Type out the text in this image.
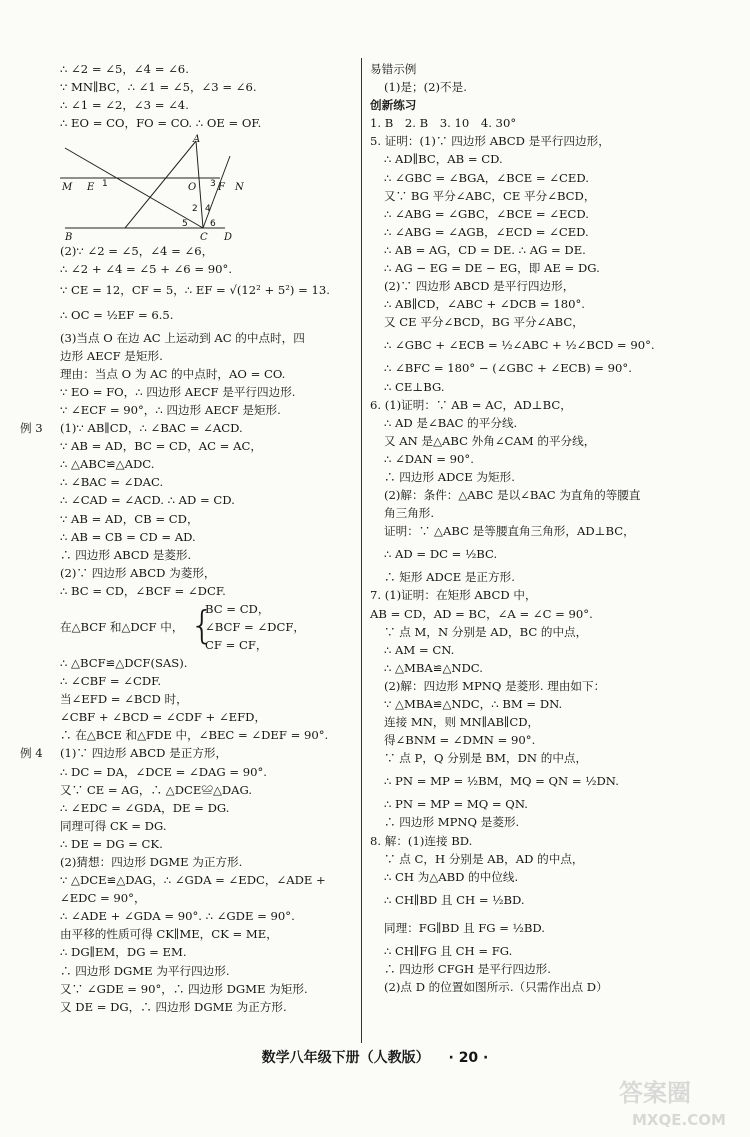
∴ ∠2 = ∠5，∠4 = ∠6.
∵ MN∥BC，∴ ∠1 = ∠5，∠3 = ∠6.
∴ ∠1 = ∠2，∠3 = ∠4.
∴ EO = CO，FO = CO. ∴ OE = OF.
A
M E	O F N
B	C D
1
2
3
4
5 6
(2)∵ ∠2 = ∠5，∠4 = ∠6，
∴ ∠2 + ∠4 = ∠5 + ∠6 = 90°.
∵ CE = 12，CF = 5，∴ EF = √(12² + 5²) = 13.
∴ OC = ½EF = 6.5.
(3)当点 O 在边 AC 上运动到 AC 的中点时，四
边形 AECF 是矩形.
理由：当点 O 为 AC 的中点时，AO = CO.
∵ EO = FO，∴ 四边形 AECF 是平行四边形.
∵ ∠ECF = 90°，∴ 四边形 AECF 是矩形.
例 3 (1)∵ AB∥CD，∴ ∠BAC = ∠ACD.
∵ AB = AD，BC = CD，AC = AC，
∴ △ABC≌△ADC.
∴ ∠BAC = ∠DAC.
∴ ∠CAD = ∠ACD. ∴ AD = CD.
∵ AB = AD，CB = CD，
∴ AB = CB = CD = AD.
∴ 四边形 ABCD 是菱形.
(2)∵ 四边形 ABCD 为菱形，
∴ BC = CD，∠BCF = ∠DCF.
在△BCF 和△DCF 中， {
BC = CD，
∠BCF = ∠DCF，
CF = CF，
∴ △BCF≌△DCF(SAS).
∴ ∠CBF = ∠CDF.
当∠EFD = ∠BCD 时，
∠CBF + ∠BCD = ∠CDF + ∠EFD，
∴ 在△BCE 和△FDE 中，∠BEC = ∠DEF = 90°.
例 4 (1)∵ 四边形 ABCD 是正方形，
∴ DC = DA，∠DCE = ∠DAG = 90°.
又∵ CE = AG，∴ △DCE≌△DAG.
∴ ∠EDC = ∠GDA，DE = DG.
同理可得 CK = DG.
∴ DE = DG = CK.
(2)猜想：四边形 DGME 为正方形.
∵ △DCE≌△DAG，∴ ∠GDA = ∠EDC，∠ADE +
∠EDC = 90°，
∴ ∠ADE + ∠GDA = 90°. ∴ ∠GDE = 90°.
由平移的性质可得 CK∥ME，CK = ME，
∴ DG∥EM，DG = EM.
∴ 四边形 DGME 为平行四边形.
又∵ ∠GDE = 90°，∴ 四边形 DGME 为矩形.
又 DE = DG，∴ 四边形 DGME 为正方形.
易错示例
(1)是；(2)不是.
创新练习
1. B　2. B　3. 10　4. 30°
5. 证明：(1)∵ 四边形 ABCD 是平行四边形，
∴ AD∥BC，AB = CD.
∴ ∠GBC = ∠BGA，∠BCE = ∠CED.
又∵ BG 平分∠ABC，CE 平分∠BCD，
∴ ∠ABG = ∠GBC，∠BCE = ∠ECD.
∴ ∠ABG = ∠AGB，∠ECD = ∠CED.
∴ AB = AG，CD = DE. ∴ AG = DE.
∴ AG − EG = DE − EG，即 AE = DG.
(2)∵ 四边形 ABCD 是平行四边形，
∴ AB∥CD，∠ABC + ∠DCB = 180°.
又 CE 平分∠BCD，BG 平分∠ABC，
∴ ∠GBC + ∠ECB = ½∠ABC + ½∠BCD = 90°.
∴ ∠BFC = 180° − (∠GBC + ∠ECB) = 90°.
∴ CE⊥BG.
6. (1)证明：∵ AB = AC，AD⊥BC，
∴ AD 是∠BAC 的平分线.
又 AN 是△ABC 外角∠CAM 的平分线，
∴ ∠DAN = 90°.
∴ 四边形 ADCE 为矩形.
(2)解：条件：△ABC 是以∠BAC 为直角的等腰直
角三角形.
证明：∵ △ABC 是等腰直角三角形，AD⊥BC，
∴ AD = DC = ½BC.
∴ 矩形 ADCE 是正方形.
7. (1)证明：在矩形 ABCD 中，
AB = CD，AD = BC，∠A = ∠C = 90°.
∵ 点 M，N 分别是 AD，BC 的中点，
∴ AM = CN.
∴ △MBA≌△NDC.
(2)解：四边形 MPNQ 是菱形. 理由如下：
∵ △MBA≌△NDC，∴ BM = DN.
连接 MN，则 MN∥AB∥CD，
得∠BNM = ∠DMN = 90°.
∵ 点 P，Q 分别是 BM，DN 的中点，
∴ PN = MP = ½BM，MQ = QN = ½DN.
∴ PN = MP = MQ = QN.
∴ 四边形 MPNQ 是菱形.
8. 解：(1)连接 BD.
∵ 点 C，H 分别是 AB，AD 的中点，
∴ CH 为△ABD 的中位线.
∴ CH∥BD 且 CH = ½BD.
同理：FG∥BD 且 FG = ½BD.
∴ CH∥FG 且 CH = FG.
∴ 四边形 CFGH 是平行四边形.
(2)点 D 的位置如图所示.（只需作出点 D）
数学八年级下册（人教版） · 20 ·
答案圈
MXQE.COM
